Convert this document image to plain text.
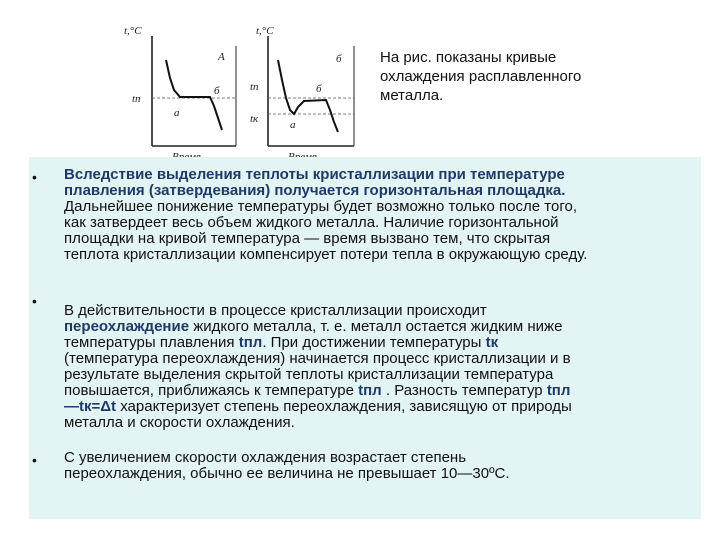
t,°C
tп
а
б
А
t,°C
tп
tк
б
а
б
На рис. показаны кривые
охлаждения расплавленного
металла.
• Вследствие выделения теплоты кристаллизации при температуре
плавления (затвердевания) получается горизонтальная площадка.
Дальнейшее понижение температуры будет возможно только после того,
как затвердеет весь объем жидкого металла. Наличие горизонтальной
площадки на кривой температура — время вызвано тем, что скрытая
теплота кристаллизации компенсирует потери тепла в окружающую среду.
•
В действительности в процессе кристаллизации происходит
переохлаждение жидкого металла, т. е. металл остается жидким ниже
температуры плавления tпл. При достижении температуры tк
(температура переохлаждения) начинается процесс кристаллизации и в
результате выделения скрытой теплоты кристаллизации температура
повышается, приближаясь к температуре tпл . Разность температур tпл
—tк=Δt характеризует степень переохлаждения, зависящую от природы
металла и скорости охлаждения.
• С увеличением скорости охлаждения возрастает степень
переохлаждения, обычно ее величина не превышает 10—30ºС.
